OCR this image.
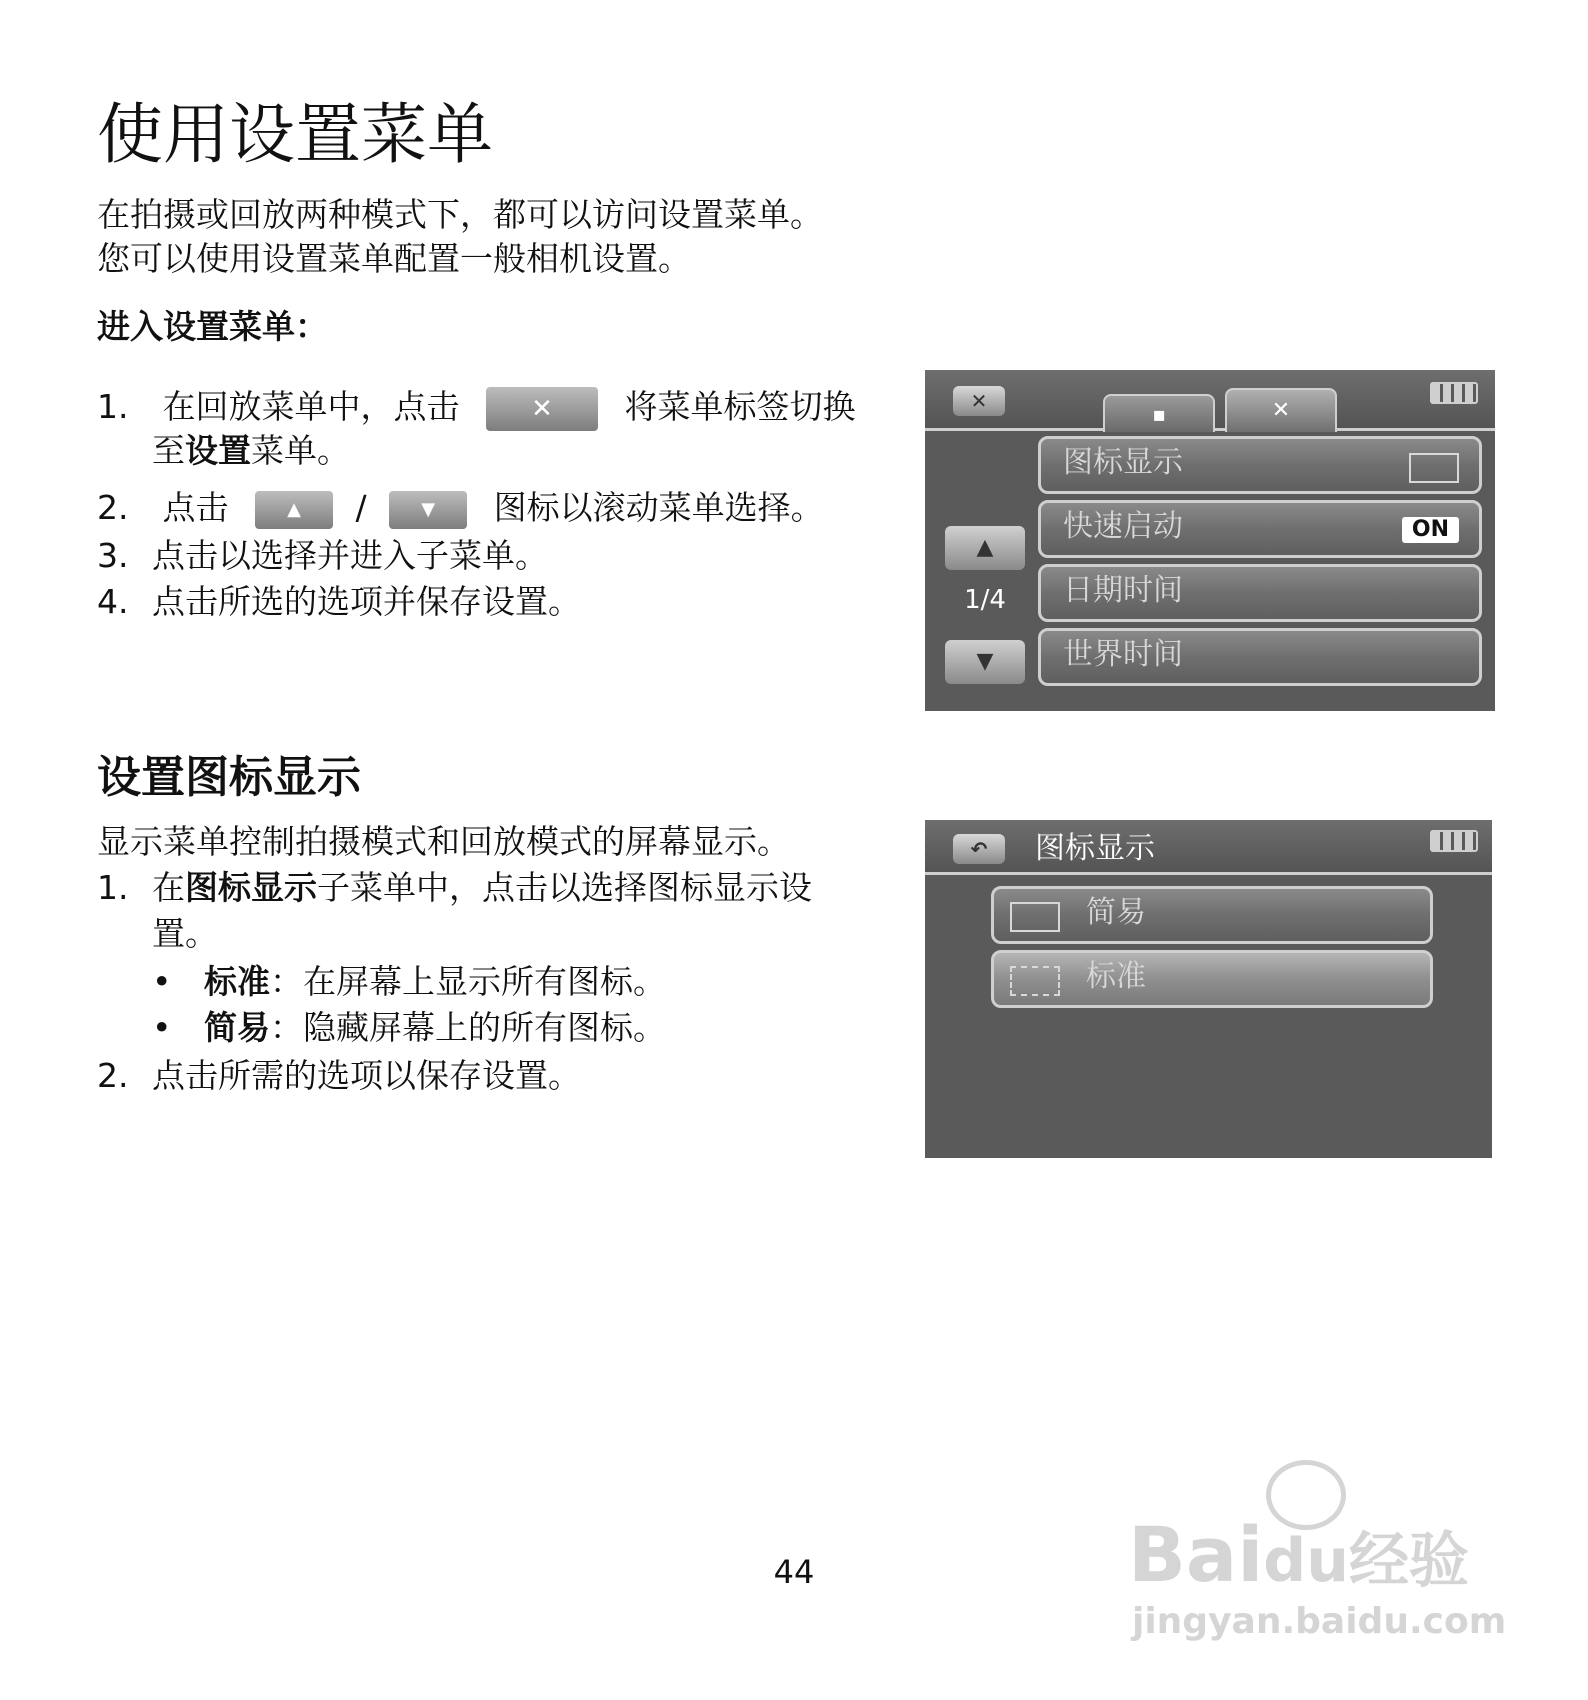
使用设置菜单
在拍摄或回放两种模式下，都可以访问设置菜单。
您可以使用设置菜单配置一般相机设置。
进入设置菜单：
1. 在回放菜单中，点击	✕ 将菜单标签切换
至设置菜单。
2. 点击	▲ /	▼ 图标以滚动菜单选择。
3. 点击以选择并进入子菜单。
4. 点击所选的选项并保存设置。
✕
▪	✕
▲
1/4
▼
图标显示
快速启动	ON
日期时间
世界时间
设置图标显示
显示菜单控制拍摄模式和回放模式的屏幕显示。
1. 在图标显示子菜单中，点击以选择图标显示设
置。
• 标准：在屏幕上显示所有图标。
• 简易：隐藏屏幕上的所有图标。
2. 点击所需的选项以保存设置。
↶	图标显示
简易
标准
44	Baidu经验
jingyan.baidu.com
